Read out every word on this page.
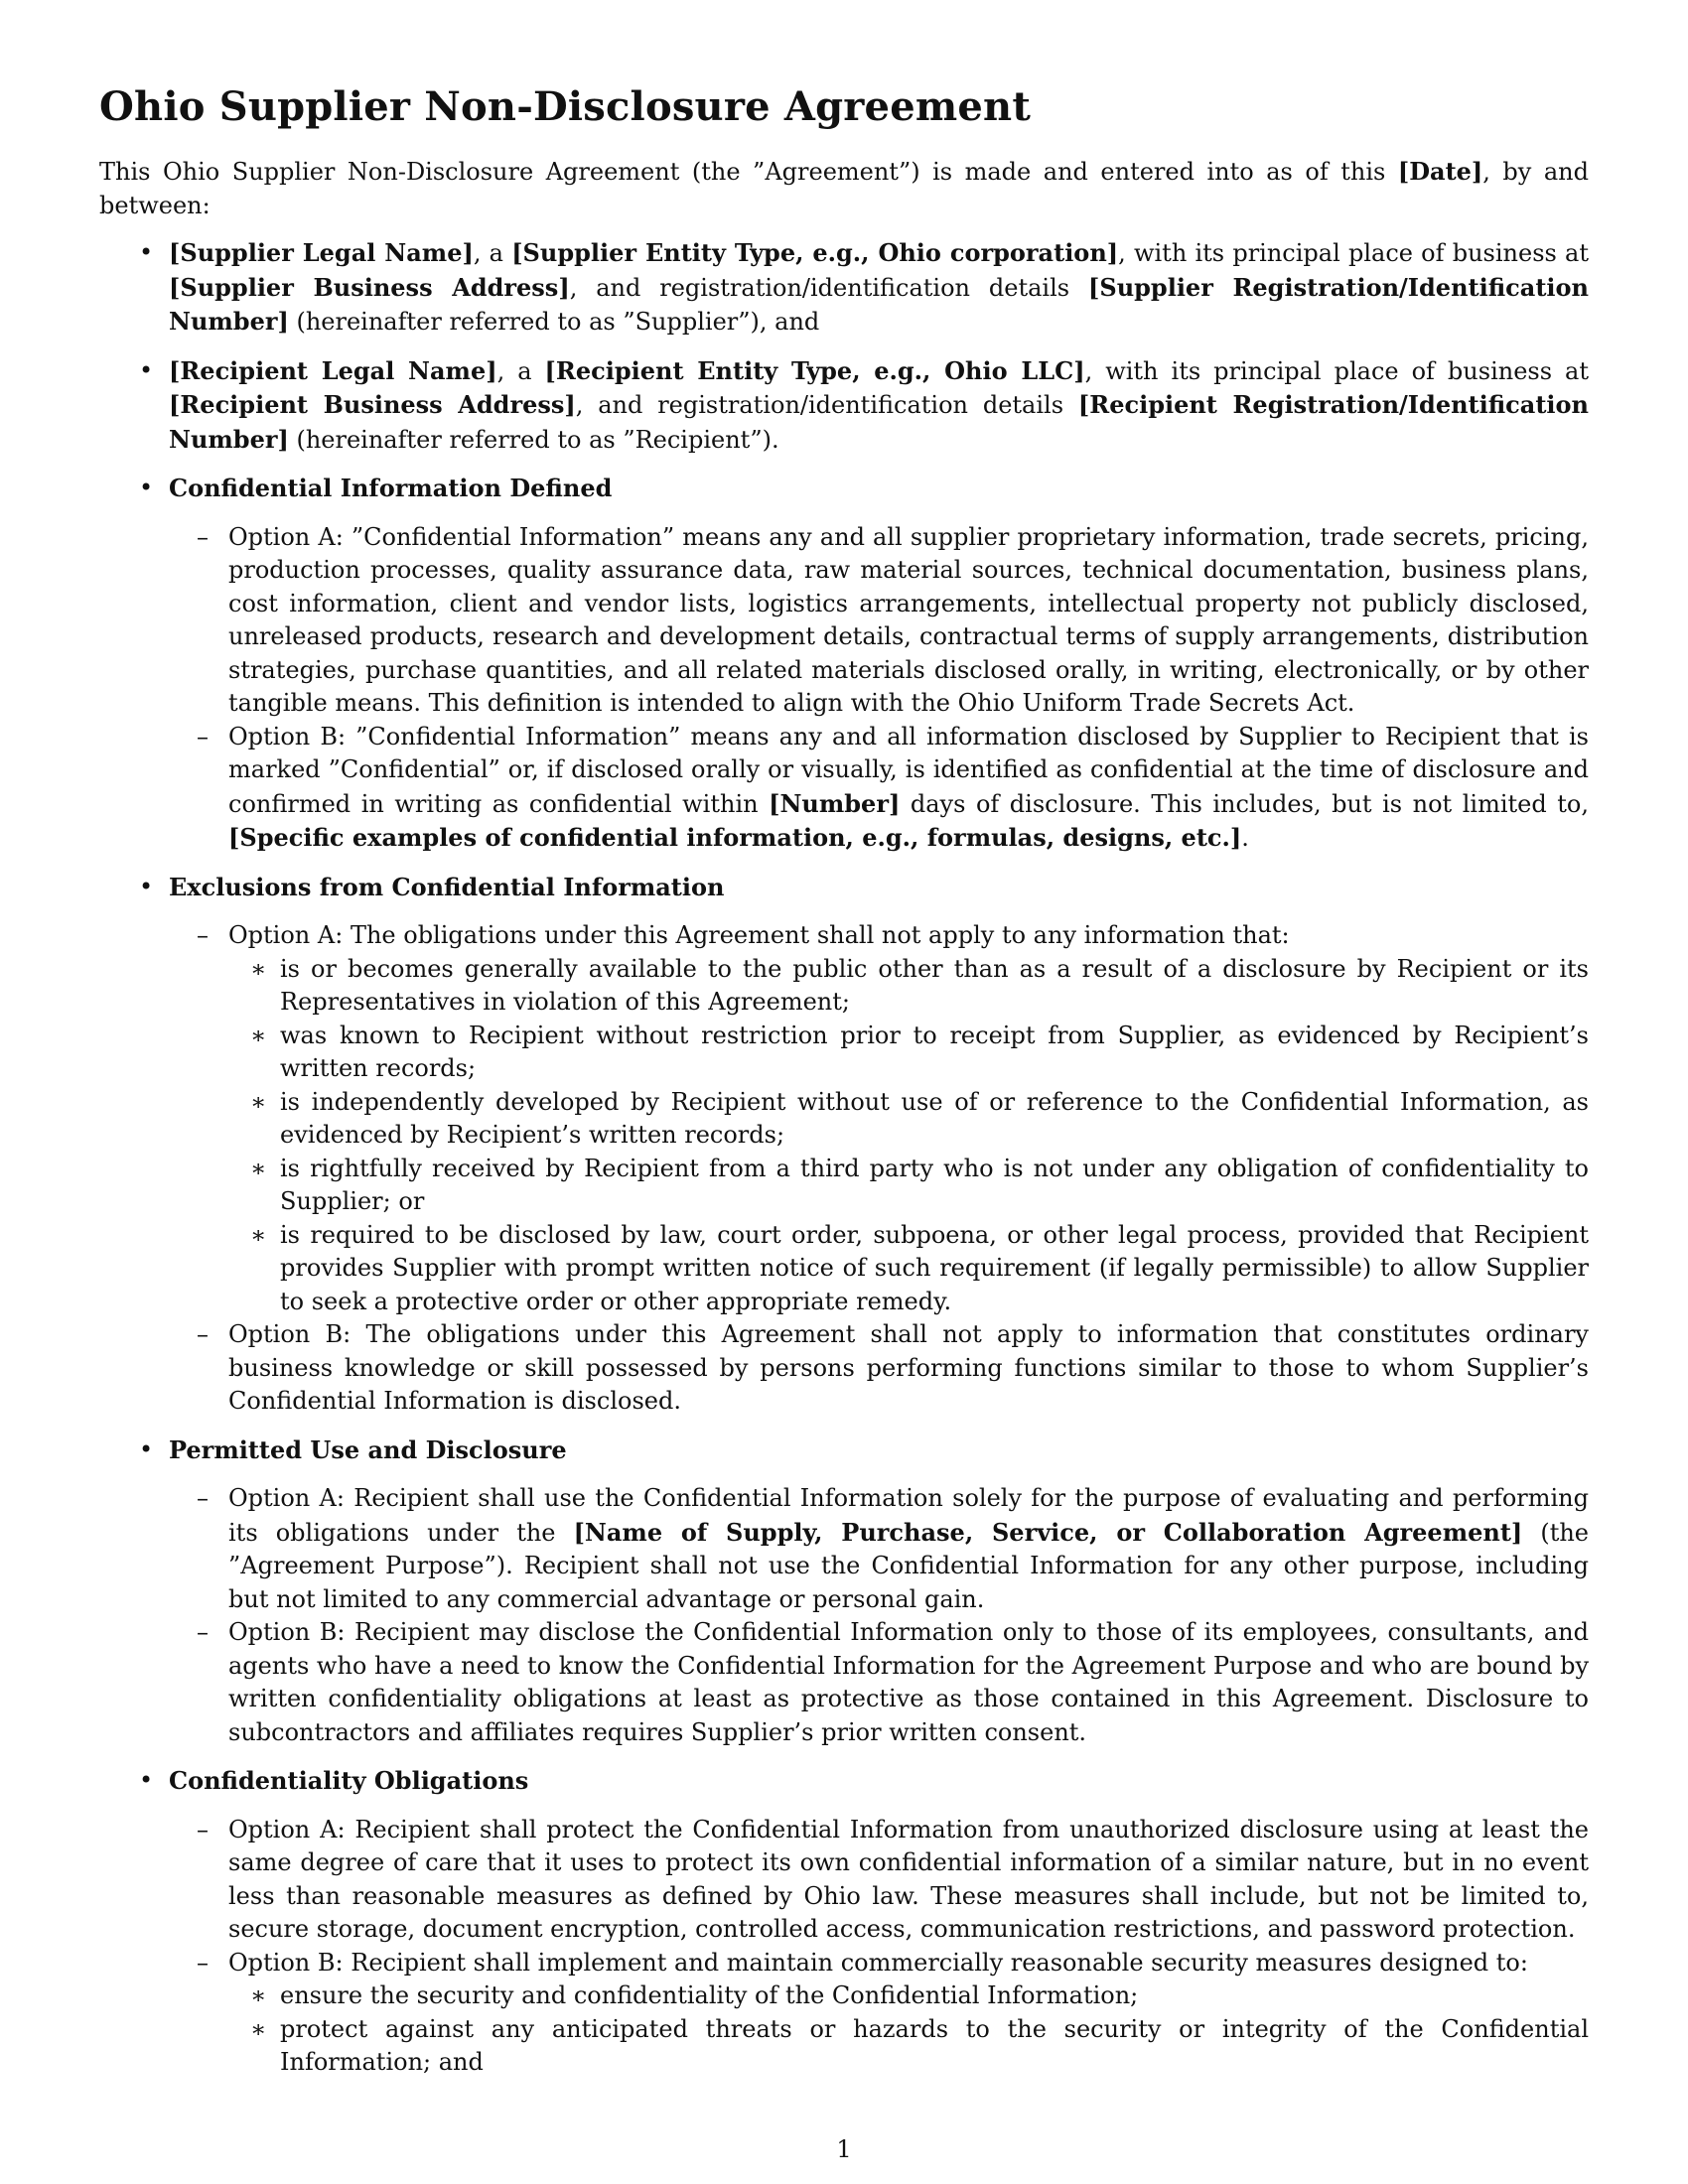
Ohio Supplier Non-Disclosure Agreement

This Ohio Supplier Non-Disclosure Agreement (the ”Agreement”) is made and entered into as of this [Date], by and between:

• [Supplier Legal Name], a [Supplier Entity Type, e.g., Ohio corporation], with its principal place of business at [Supplier Business Address], and registration/identification details [Supplier Registration/Identification Number] (hereinafter referred to as ”Supplier”), and

• [Recipient Legal Name], a [Recipient Entity Type, e.g., Ohio LLC], with its principal place of business at [Recipient Business Address], and registration/identification details [Recipient Registration/Identification Number] (hereinafter referred to as ”Recipient”).

• Confidential Information Defined
– Option A: ”Confidential Information” means any and all supplier proprietary information, trade secrets, pricing, production processes, quality assurance data, raw material sources, technical documentation, business plans, cost information, client and vendor lists, logistics arrangements, intellectual property not publicly disclosed, unreleased products, research and development details, contractual terms of supply arrangements, distribution strategies, purchase quantities, and all related materials disclosed orally, in writing, electronically, or by other tangible means. This definition is intended to align with the Ohio Uniform Trade Secrets Act.

– Option B: ”Confidential Information” means any and all information disclosed by Supplier to Recipient that is marked ”Confidential” or, if disclosed orally or visually, is identified as confidential at the time of disclosure and confirmed in writing as confidential within [Number] days of disclosure. This includes, but is not limited to, [Specific examples of confidential information, e.g., formulas, designs, etc.].

• Exclusions from Confidential Information
– Option A: The obligations under this Agreement shall not apply to any information that:

∗ is or becomes generally available to the public other than as a result of a disclosure by Recipient or its Representatives in violation of this Agreement;

∗ was known to Recipient without restriction prior to receipt from Supplier, as evidenced by Recipient’s written records;

∗ is independently developed by Recipient without use of or reference to the Confidential Information, as evidenced by Recipient’s written records;

∗ is rightfully received by Recipient from a third party who is not under any obligation of confidentiality to Supplier; or

∗ is required to be disclosed by law, court order, subpoena, or other legal process, provided that Recipient provides Supplier with prompt written notice of such requirement (if legally permissible) to allow Supplier to seek a protective order or other appropriate remedy.

– Option B: The obligations under this Agreement shall not apply to information that constitutes ordinary business knowledge or skill possessed by persons performing functions similar to those to whom Supplier’s Confidential Information is disclosed.

• Permitted Use and Disclosure
– Option A: Recipient shall use the Confidential Information solely for the purpose of evaluating and performing its obligations under the [Name of Supply, Purchase, Service, or Collaboration Agreement] (the ”Agreement Purpose”). Recipient shall not use the Confidential Information for any other purpose, including but not limited to any commercial advantage or personal gain.

– Option B: Recipient may disclose the Confidential Information only to those of its employees, consultants, and agents who have a need to know the Confidential Information for the Agreement Purpose and who are bound by written confidentiality obligations at least as protective as those contained in this Agreement. Disclosure to subcontractors and affiliates requires Supplier’s prior written consent.

• Confidentiality Obligations
– Option A: Recipient shall protect the Confidential Information from unauthorized disclosure using at least the same degree of care that it uses to protect its own confidential information of a similar nature, but in no event less than reasonable measures as defined by Ohio law. These measures shall include, but not be limited to, secure storage, document encryption, controlled access, communication restrictions, and password protection.

– Option B: Recipient shall implement and maintain commercially reasonable security measures designed to:

∗ ensure the security and confidentiality of the Confidential Information;

∗ protect against any anticipated threats or hazards to the security or integrity of the Confidential Information; and

1
